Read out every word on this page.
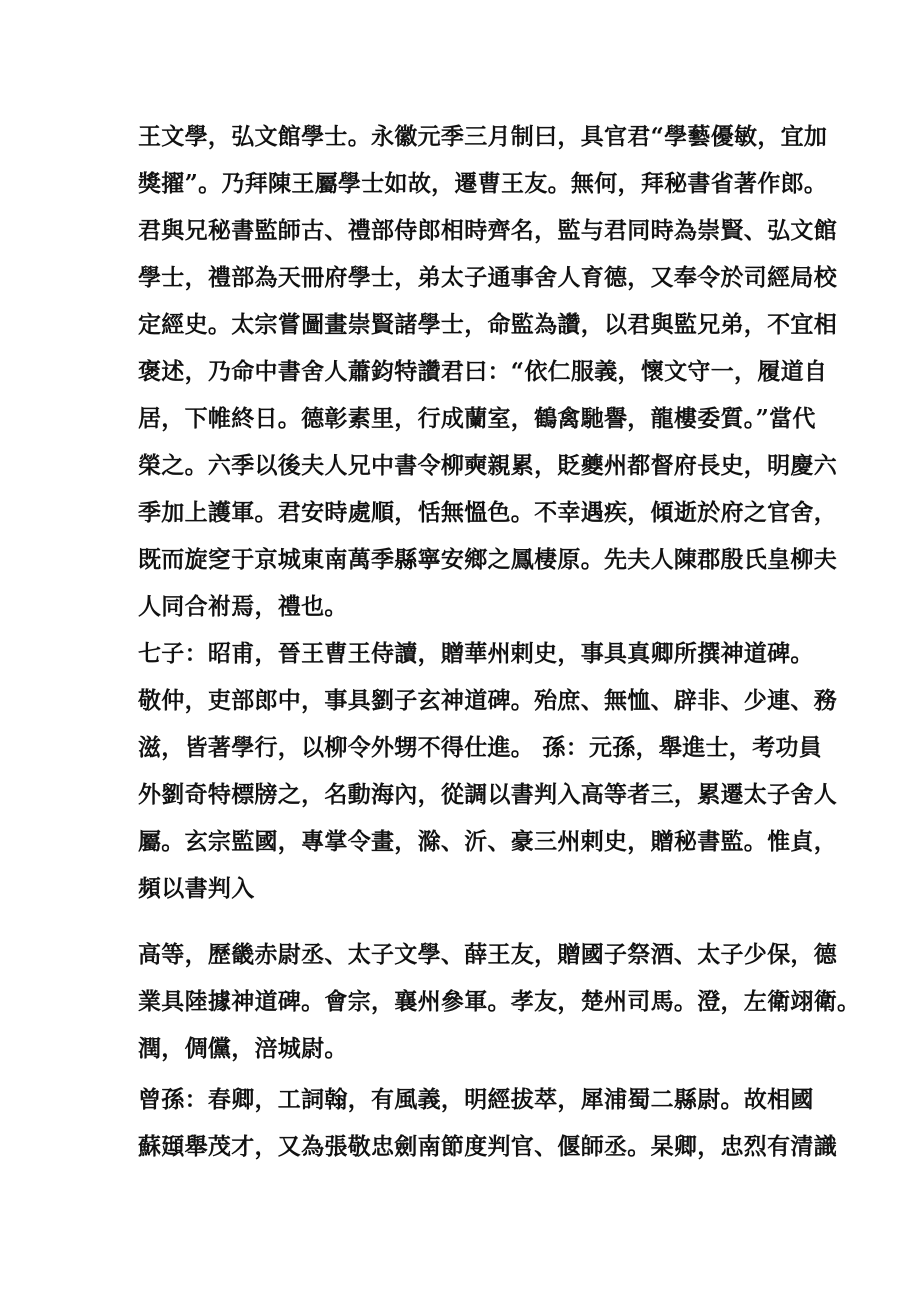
王文學，弘文館學士。永徽元季三月制曰，具官君“學藝優敏，宜加
獎擢”。乃拜陳王屬學士如故，遷曹王友。無何，拜秘書省著作郎。
君與兄秘書監師古、禮部侍郎相時齊名，監与君同時為崇賢、弘文館
學士，禮部為天冊府學士，弟太子通事舍人育德，又奉令於司經局校
定經史。太宗嘗圖畫崇賢諸學士，命監為讚，以君與監兄弟，不宜相
褒述，乃命中書舍人蕭鈞特讚君曰：“依仁服義，懷文守一，履道自
居，下帷終日。德彰素里，行成蘭室，鶴禽馳譽，龍樓委質。”當代
榮之。六季以後夫人兄中書令柳奭親累，貶夔州都督府長史，明慶六
季加上護軍。君安時處順，恬無慍色。不幸遇疾，傾逝於府之官舍，
既而旋窆于京城東南萬季縣寧安鄉之鳳棲原。先夫人陳郡殷氏皇柳夫
人同合祔焉，禮也。
七子：昭甫，晉王曹王侍讀，贈華州剌史，事具真卿所撰神道碑。
敬仲，吏部郎中，事具劉子玄神道碑。殆庶、無恤、辟非、少連、務
滋，皆著學行，以柳令外甥不得仕進。 孫：元孫，舉進士，考功員
外劉奇特標牓之，名動海內，從調以書判入高等者三，累遷太子舍人
屬。玄宗監國，專掌令畫，滁、沂、豪三州剌史，贈秘書監。惟貞，
頻以書判入
高等，歷畿赤尉丞、太子文學、薛王友，贈國子祭酒、太子少保，德
業具陸據神道碑。會宗，襄州參軍。孝友，楚州司馬。澄，左衛翊衛。
潤，倜儻，涪城尉。
曾孫：春卿，工詞翰，有風義，明經拔萃，犀浦蜀二縣尉。故相國
蘇頲舉茂才，又為張敬忠劍南節度判官、偃師丞。杲卿，忠烈有清識
